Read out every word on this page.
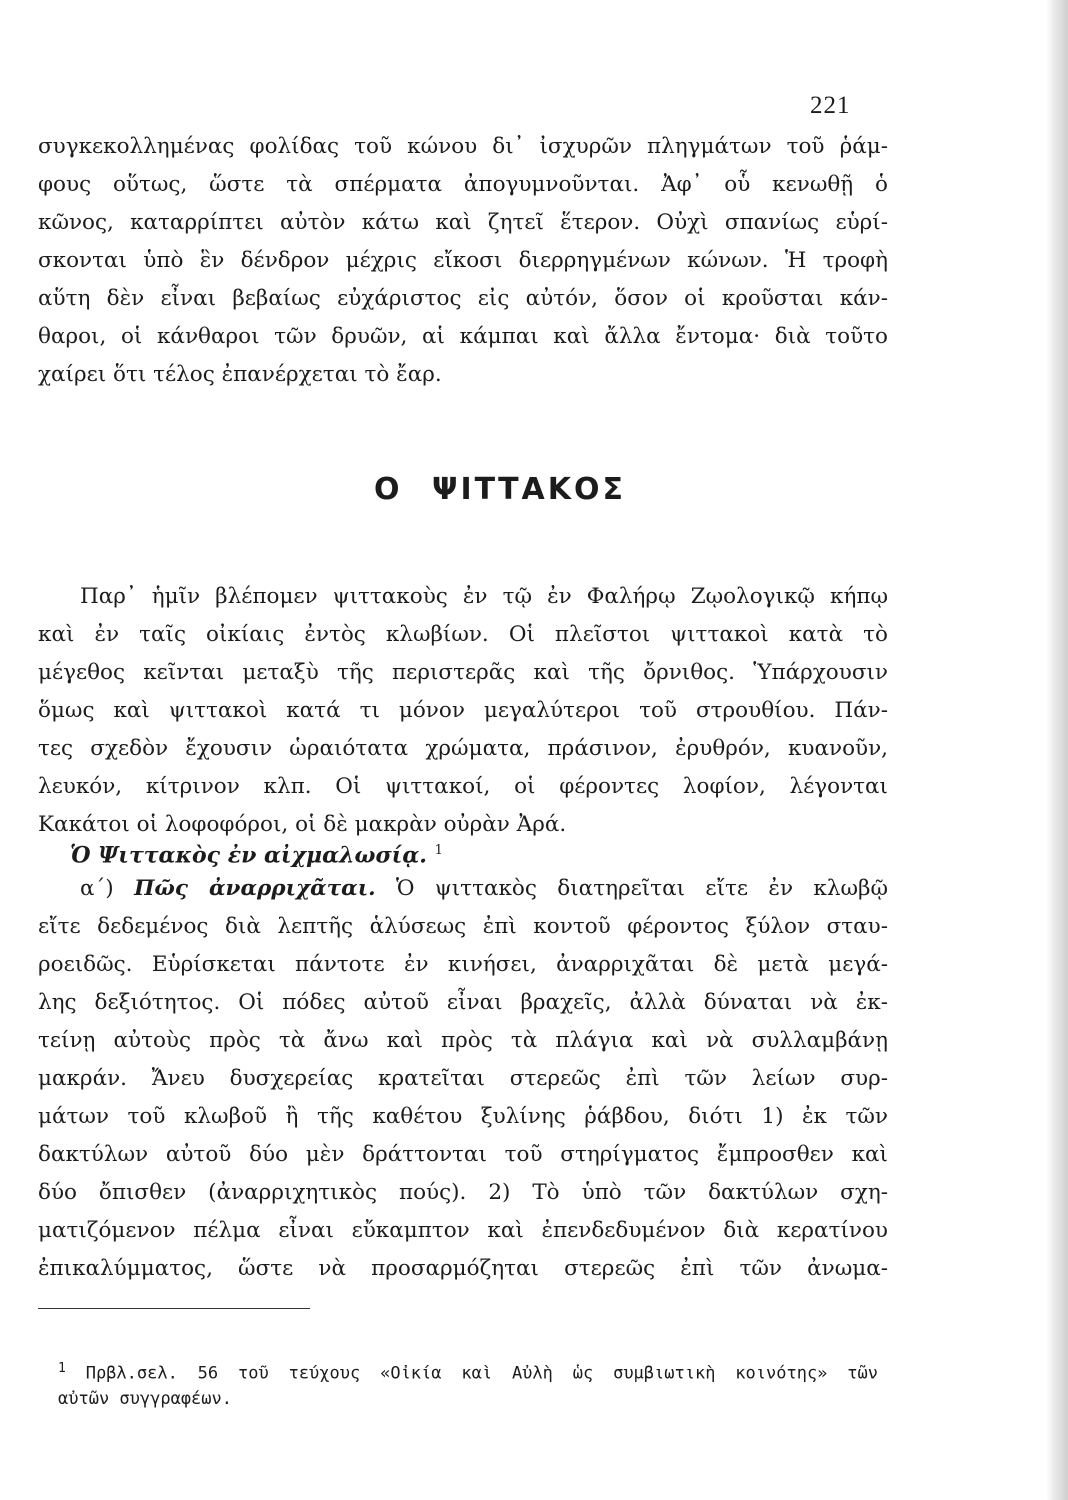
221
συγκεκολλημένας φολίδας τοῦ κώνου δι᾽ ἰσχυρῶν πληγμάτων τοῦ ῥάμ-
φους οὕτως, ὥστε τὰ σπέρματα ἀπογυμνοῦνται. Ἀφ᾽ οὗ κενωθῇ ὁ
κῶνος, καταρρίπτει αὐτὸν κάτω καὶ ζητεῖ ἕτερον. Οὐχὶ σπανίως εὑρί-
σκονται ὑπὸ ἓν δένδρον μέχρις εἴκοσι διερρηγμένων κώνων. Ἡ τροφὴ
αὕτη δὲν εἶναι βεβαίως εὐχάριστος εἰς αὐτόν, ὅσον οἱ κροῦσται κάν-
θαροι, οἱ κάνθαροι τῶν δρυῶν, αἱ κάμπαι καὶ ἄλλα ἔντομα· διὰ τοῦτο
χαίρει ὅτι τέλος ἐπανέρχεται τὸ ἔαρ.
Ο ΨΙΤΤΑΚΟΣ
Παρ᾽ ἡμῖν βλέπομεν ψιττακοὺς ἐν τῷ ἐν Φαλήρῳ Ζῳολογικῷ κήπῳ
καὶ ἐν ταῖς οἰκίαις ἐντὸς κλωβίων. Οἱ πλεῖστοι ψιττακοὶ κατὰ τὸ
μέγεθος κεῖνται μεταξὺ τῆς περιστερᾶς καὶ τῆς ὄρνιθος. Ὑπάρχουσιν
ὅμως καὶ ψιττακοὶ κατά τι μόνον μεγαλύτεροι τοῦ στρουθίου. Πάν-
τες σχεδὸν ἔχουσιν ὡραιότατα χρώματα, πράσινον, ἐρυθρόν, κυανοῦν,
λευκόν, κίτρινον κλπ. Οἱ ψιττακοί, οἱ φέροντες λοφίον, λέγονται
Κακάτοι οἱ λοφοφόροι, οἱ δὲ μακρὰν οὐρὰν Ἀρά.

Ὁ Ψιττακὸς ἐν αἰχμαλωσίᾳ. $^1$

α´) Πῶς ἀναρριχᾶται. Ὁ ψιττακὸς διατηρεῖται εἴτε ἐν κλωβῷ
εἴτε δεδεμένος διὰ λεπτῆς ἁλύσεως ἐπὶ κοντοῦ φέροντος ξύλον σταυ-
ροειδῶς. Εὑρίσκεται πάντοτε ἐν κινήσει, ἀναρριχᾶται δὲ μετὰ μεγά-
λης δεξιότητος. Οἱ πόδες αὐτοῦ εἶναι βραχεῖς, ἀλλὰ δύναται νὰ ἐκ-
τείνῃ αὐτοὺς πρὸς τὰ ἄνω καὶ πρὸς τὰ πλάγια καὶ νὰ συλλαμβάνῃ
μακράν. Ἄνευ δυσχερείας κρατεῖται στερεῶς ἐπὶ τῶν λείων συρ-
μάτων τοῦ κλωβοῦ ἢ τῆς καθέτου ξυλίνης ῥάβδου, διότι 1) ἐκ τῶν
δακτύλων αὐτοῦ δύο μὲν δράττονται τοῦ στηρίγματος ἔμπροσθεν καὶ
δύο ὄπισθεν (ἀναρριχητικὸς πούς). 2) Τὸ ὑπὸ τῶν δακτύλων σχη-
ματιζόμενον πέλμα εἶναι εὔκαμπτον καὶ ἐπενδεδυμένον διὰ κερατίνου
ἐπικαλύμματος, ὥστε νὰ προσαρμόζηται στερεῶς ἐπὶ τῶν ἀνωμα-
$^1$ Πρβλ.σελ. 56 τοῦ τεύχους «Οἰκία καὶ Αὐλὴ ὡς συμβιωτικὴ κοινότης» τῶν
αὐτῶν συγγραφέων.
